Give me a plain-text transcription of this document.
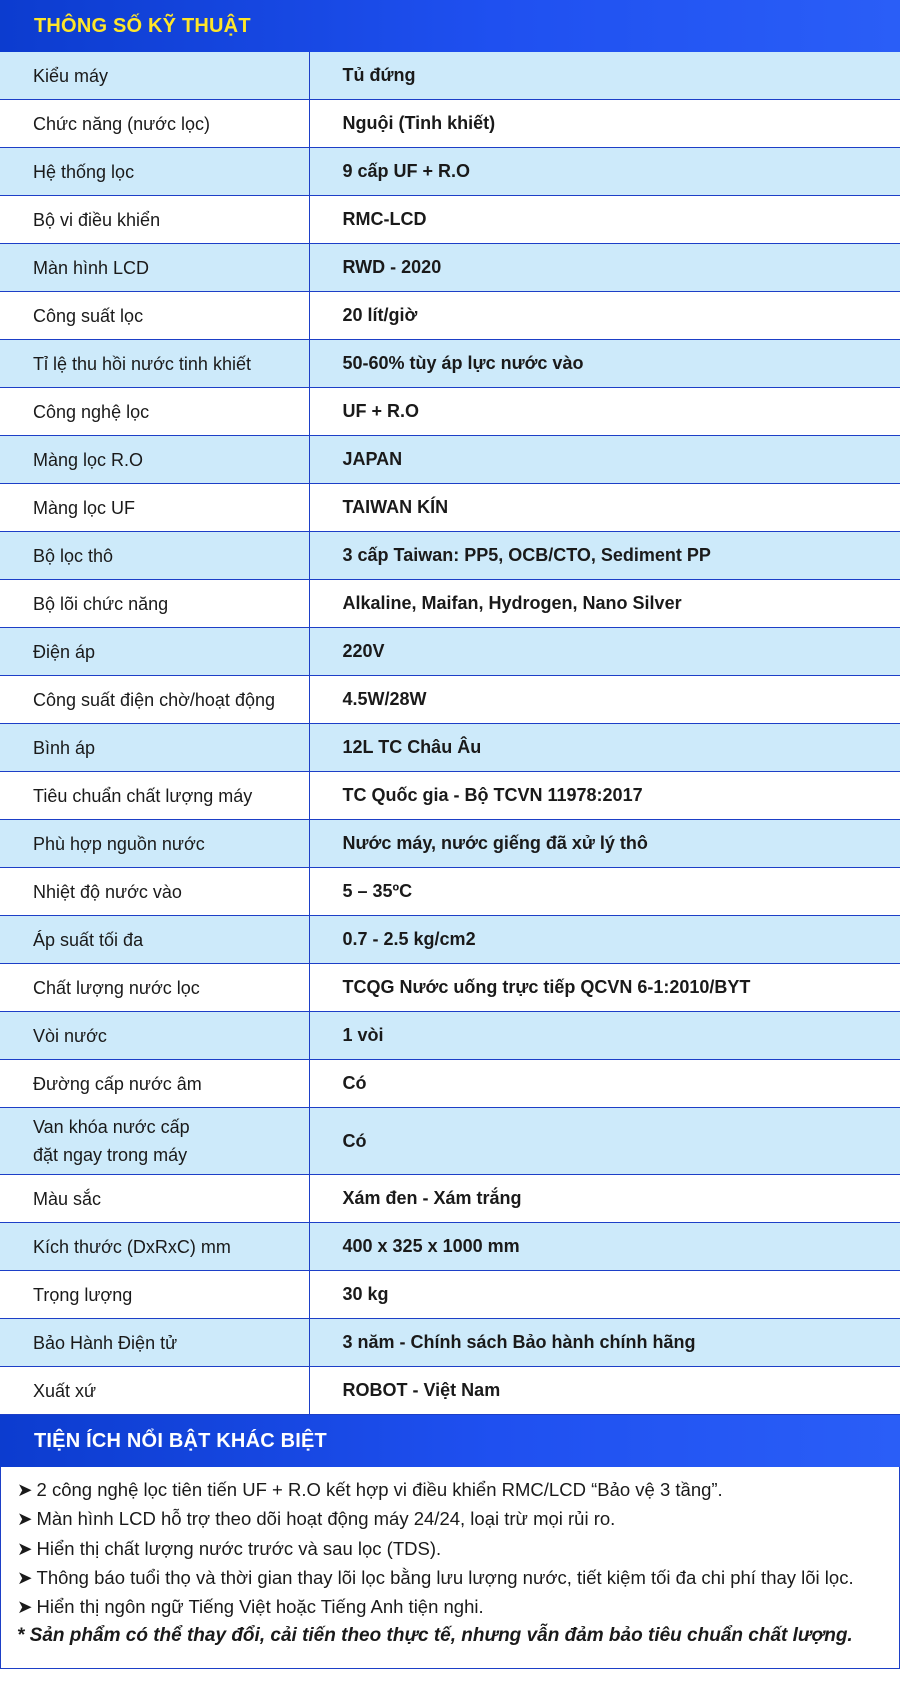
THÔNG SỐ KỸ THUẬT
Kiểu máy	Tủ đứng
Chức năng (nước lọc)	Nguội (Tinh khiết)
Hệ thống lọc	9 cấp UF + R.O
Bộ vi điều khiển	RMC-LCD
Màn hình LCD	RWD - 2020
Công suất lọc	20 lít/giờ
Tỉ lệ thu hồi nước tinh khiết	50-60% tùy áp lực nước vào
Công nghệ lọc	UF + R.O
Màng lọc R.O	JAPAN
Màng lọc UF	TAIWAN KÍN
Bộ lọc thô	3 cấp Taiwan: PP5, OCB/CTO, Sediment PP
Bộ lõi chức năng	Alkaline, Maifan, Hydrogen, Nano Silver
Điện áp	220V
Công suất điện chờ/hoạt động	4.5W/28W
Bình áp	12L TC Châu Âu
Tiêu chuẩn chất lượng máy	TC Quốc gia - Bộ TCVN 11978:2017
Phù hợp nguồn nước	Nước máy, nước giếng đã xử lý thô
Nhiệt độ nước vào	5 – 35ºC
Áp suất tối đa	0.7 - 2.5 kg/cm2
Chất lượng nước lọc	TCQG Nước uống trực tiếp QCVN 6-1:2010/BYT
Vòi nước	1 vòi
Đường cấp nước âm	Có

Van khóa nước cấp
đặt ngay trong máy	Có
Màu sắc	Xám đen - Xám trắng
Kích thước (DxRxC) mm	400 x 325 x 1000 mm
Trọng lượng	30 kg
Bảo Hành Điện tử	3 năm - Chính sách Bảo hành chính hãng
Xuất xứ	ROBOT - Việt Nam
TIỆN ÍCH NỔI BẬT KHÁC BIỆT
➤ 2 công nghệ lọc tiên tiến UF + R.O kết hợp vi điều khiển RMC/LCD “Bảo vệ 3 tầng”.
➤ Màn hình LCD hỗ trợ theo dõi hoạt động máy 24/24, loại trừ mọi rủi ro.
➤ Hiển thị chất lượng nước trước và sau lọc (TDS).
➤ Thông báo tuổi thọ và thời gian thay lõi lọc bằng lưu lượng nước, tiết kiệm tối đa chi phí thay lõi lọc.
➤ Hiển thị ngôn ngữ Tiếng Việt hoặc Tiếng Anh tiện nghi.
* Sản phẩm có thể thay đổi, cải tiến theo thực tế, nhưng vẫn đảm bảo tiêu chuẩn chất lượng.
